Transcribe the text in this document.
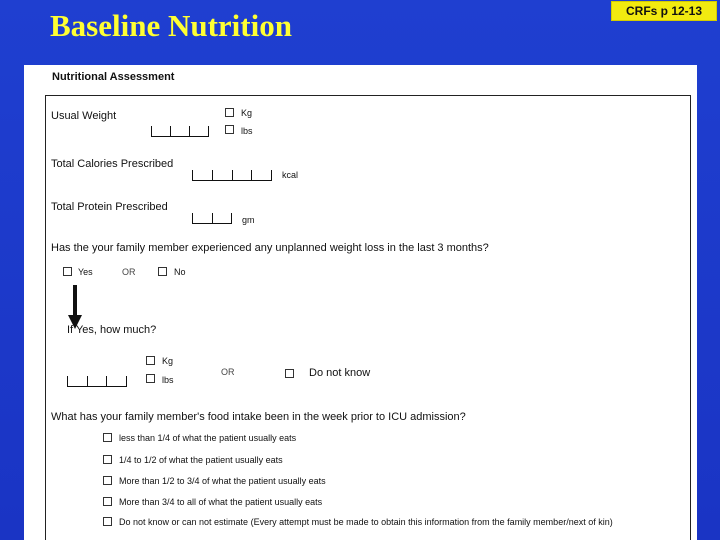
Baseline Nutrition	CRFs p 12-13
Nutritional Assessment
Usual Weight	Kg
lbs
Total Calories Prescribed
kcal
Total Protein Prescribed
gm
Has the your family member experienced any unplanned weight loss in the last 3 months?
Yes	OR	No
If Yes, how much?
Kg
lbs
OR	Do not know
What has your family member's food intake been in the week prior to ICU admission?
less than 1/4 of what the patient usually eats
1/4 to 1/2 of what the patient usually eats
More than 1/2 to 3/4 of what the patient usually eats
More than 3/4 to all of what the patient usually eats
Do not know or can not estimate (Every attempt must be made to obtain this information from the family member/next of kin)
